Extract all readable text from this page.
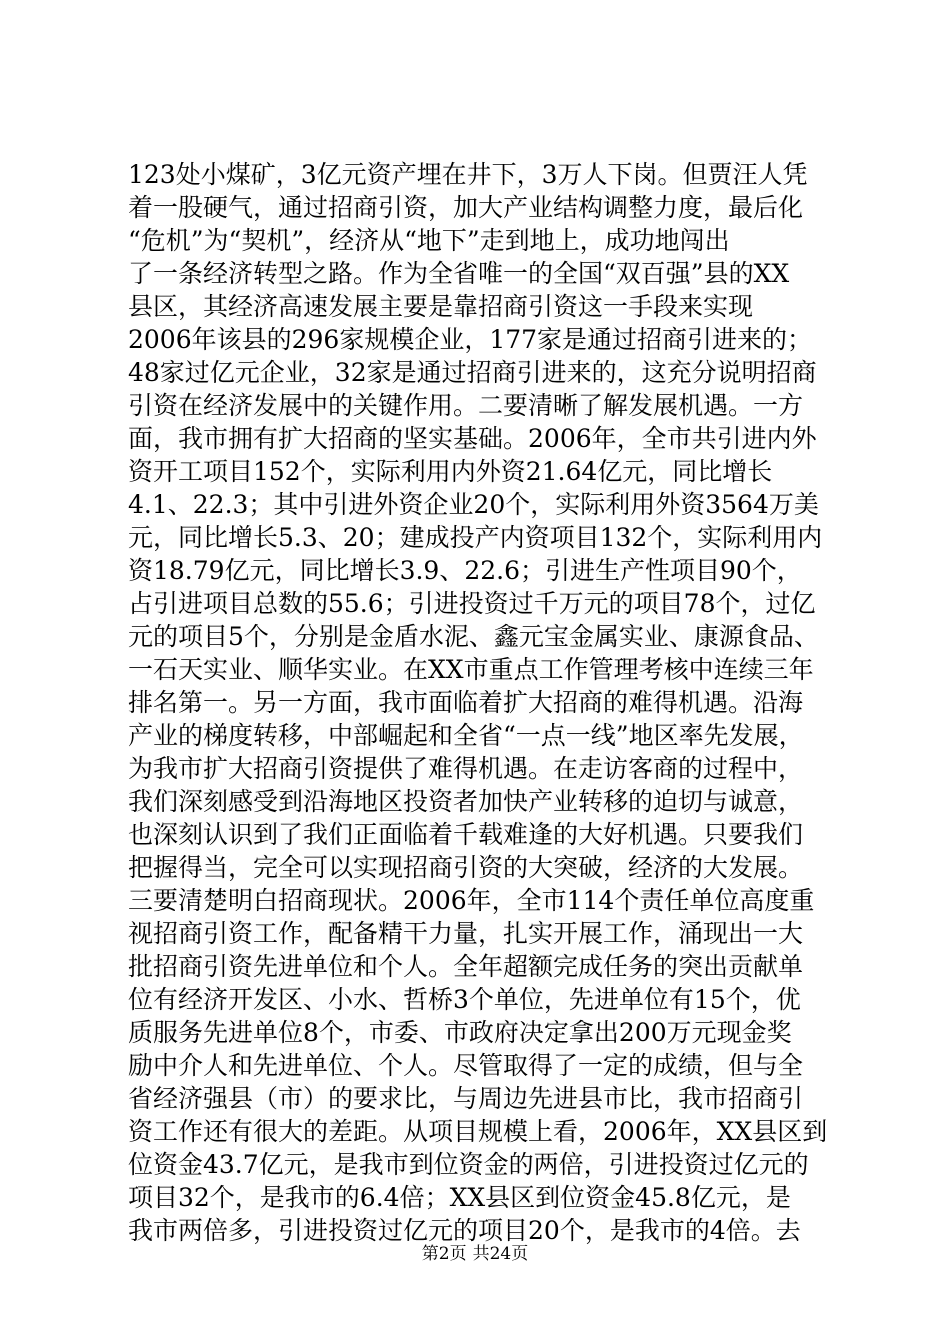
123处小煤矿，3亿元资产埋在井下，3万人下岗。但贾汪人凭
着一股硬气，通过招商引资，加大产业结构调整力度，最后化
“危机”为“契机”，经济从“地下”走到地上，成功地闯出
了一条经济转型之路。作为全省唯一的全国“双百强”县的XX
县区，其经济高速发展主要是靠招商引资这一手段来实现
2006年该县的296家规模企业，177家是通过招商引进来的；
48家过亿元企业，32家是通过招商引进来的，这充分说明招商
引资在经济发展中的关键作用。二要清晰了解发展机遇。一方
面，我市拥有扩大招商的坚实基础。2006年，全市共引进内外
资开工项目152个，实际利用内外资21.64亿元，同比增长
4.1、22.3；其中引进外资企业20个，实际利用外资3564万美
元，同比增长5.3、20；建成投产内资项目132个，实际利用内
资18.79亿元，同比增长3.9、22.6；引进生产性项目90个，
占引进项目总数的55.6；引进投资过千万元的项目78个，过亿
元的项目5个，分别是金盾水泥、鑫元宝金属实业、康源食品、
一石天实业、顺华实业。在XX市重点工作管理考核中连续三年
排名第一。另一方面，我市面临着扩大招商的难得机遇。沿海
产业的梯度转移，中部崛起和全省“一点一线”地区率先发展，
为我市扩大招商引资提供了难得机遇。在走访客商的过程中，
我们深刻感受到沿海地区投资者加快产业转移的迫切与诚意，
也深刻认识到了我们正面临着千载难逢的大好机遇。只要我们
把握得当，完全可以实现招商引资的大突破，经济的大发展。
三要清楚明白招商现状。2006年，全市114个责任单位高度重
视招商引资工作，配备精干力量，扎实开展工作，涌现出一大
批招商引资先进单位和个人。全年超额完成任务的突出贡献单
位有经济开发区、小水、哲桥3个单位，先进单位有15个，优
质服务先进单位8个，市委、市政府决定拿出200万元现金奖
励中介人和先进单位、个人。尽管取得了一定的成绩，但与全
省经济强县（市）的要求比，与周边先进县市比，我市招商引
资工作还有很大的差距。从项目规模上看，2006年，XX县区到
位资金43.7亿元，是我市到位资金的两倍，引进投资过亿元的
项目32个，是我市的6.4倍；XX县区到位资金45.8亿元，是
我市两倍多，引进投资过亿元的项目20个，是我市的4倍。去
第2页 共24页
